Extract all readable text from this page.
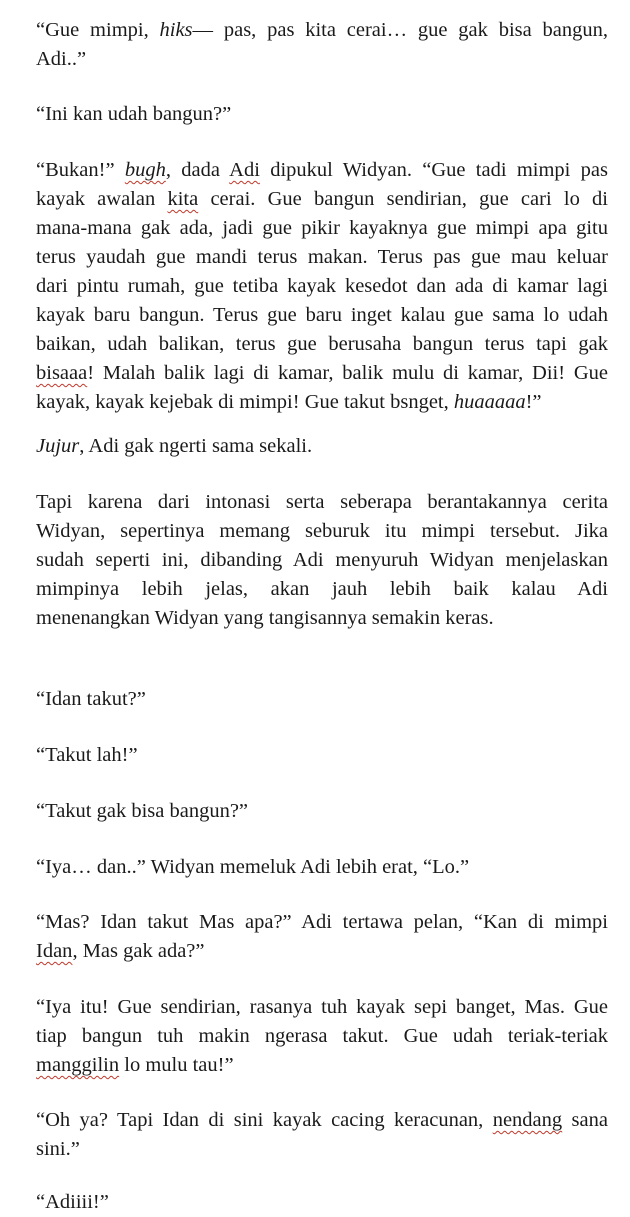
“Gue mimpi, hiks— pas, pas kita cerai… gue gak bisa bangun,
Adi..”

“Ini kan udah bangun?”

“Bukan!” bugh, dada Adi dipukul Widyan. “Gue tadi mimpi pas
kayak awalan kita cerai. Gue bangun sendirian, gue cari lo di
mana-mana gak ada, jadi gue pikir kayaknya gue mimpi apa gitu
terus yaudah gue mandi terus makan. Terus pas gue mau keluar
dari pintu rumah, gue tetiba kayak kesedot dan ada di kamar lagi
kayak baru bangun. Terus gue baru inget kalau gue sama lo udah
baikan, udah balikan, terus gue berusaha bangun terus tapi gak
bisaaa! Malah balik lagi di kamar, balik mulu di kamar, Dii! Gue
kayak, kayak kejebak di mimpi! Gue takut bsnget, huaaaaa!”

Jujur, Adi gak ngerti sama sekali.

Tapi karena dari intonasi serta seberapa berantakannya cerita
Widyan, sepertinya memang seburuk itu mimpi tersebut. Jika
sudah seperti ini, dibanding Adi menyuruh Widyan menjelaskan
mimpinya lebih jelas, akan jauh lebih baik kalau Adi
menenangkan Widyan yang tangisannya semakin keras.

“Idan takut?”

“Takut lah!”

“Takut gak bisa bangun?”

“Iya… dan..” Widyan memeluk Adi lebih erat, “Lo.”

“Mas? Idan takut Mas apa?” Adi tertawa pelan, “Kan di mimpi
Idan, Mas gak ada?”

“Iya itu! Gue sendirian, rasanya tuh kayak sepi banget, Mas. Gue
tiap bangun tuh makin ngerasa takut. Gue udah teriak-teriak
manggilin lo mulu tau!”

“Oh ya? Tapi Idan di sini kayak cacing keracunan, nendang sana
sini.”

“Adiiii!”
